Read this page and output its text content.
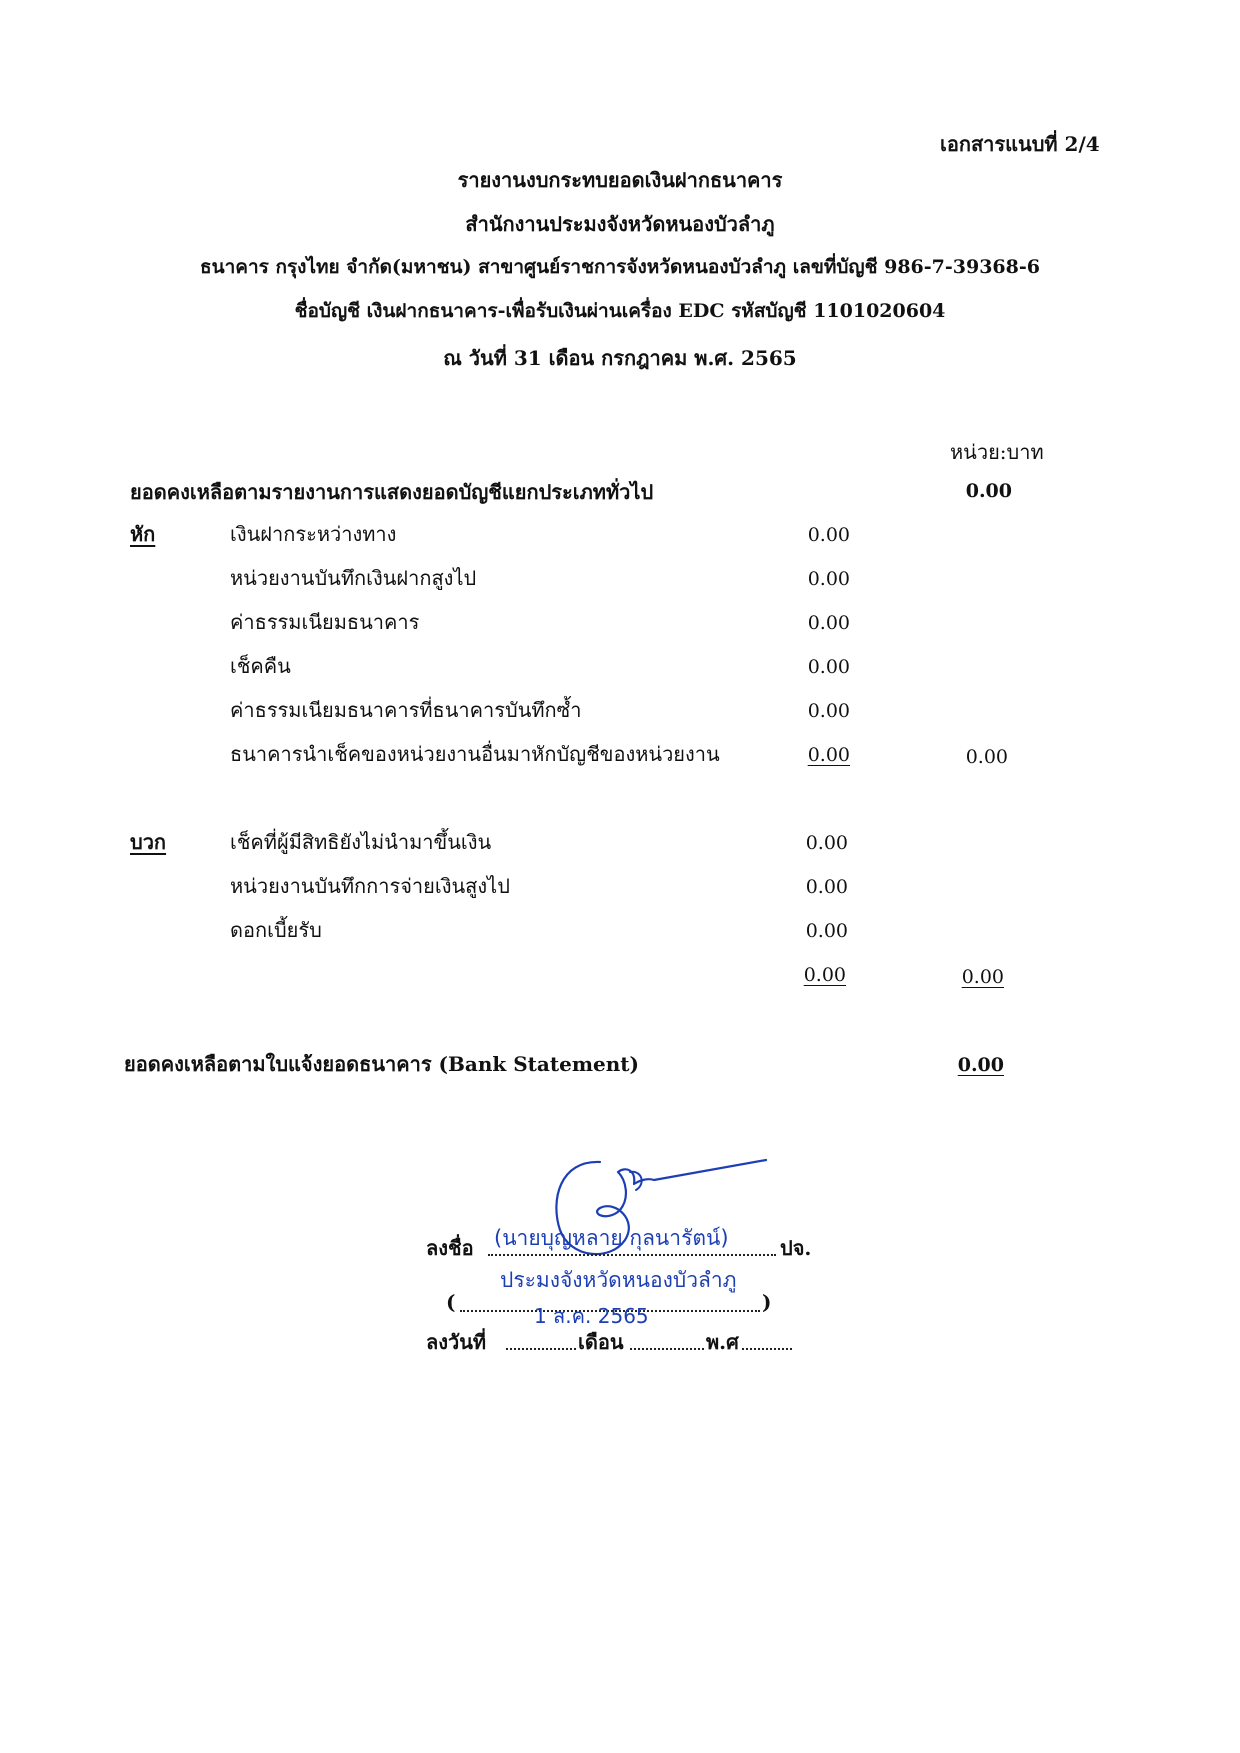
เอกสารแนบที่ 2/4
รายงานงบกระทบยอดเงินฝากธนาคาร
สำนักงานประมงจังหวัดหนองบัวลำภู
ธนาคาร กรุงไทย จำกัด(มหาชน) สาขาศูนย์ราชการจังหวัดหนองบัวลำภู เลขที่บัญชี 986-7-39368-6
ชื่อบัญชี เงินฝากธนาคาร-เพื่อรับเงินผ่านเครื่อง EDC รหัสบัญชี 1101020604
ณ วันที่ 31 เดือน กรกฎาคม พ.ศ. 2565
หน่วย:บาท
ยอดคงเหลือตามรายงานการแสดงยอดบัญชีแยกประเภททั่วไป	0.00
หัก	เงินฝากระหว่างทาง	0.00
หน่วยงานบันทึกเงินฝากสูงไป	0.00
ค่าธรรมเนียมธนาคาร	0.00
เช็คคืน	0.00
ค่าธรรมเนียมธนาคารที่ธนาคารบันทึกซ้ำ	0.00
ธนาคารนำเช็คของหน่วยงานอื่นมาหักบัญชีของหน่วยงาน	0.00	0.00
บวก	เช็คที่ผู้มีสิทธิยังไม่นำมาขึ้นเงิน	0.00
หน่วยงานบันทึกการจ่ายเงินสูงไป	0.00
ดอกเบี้ยรับ	0.00
0.00	0.00
ยอดคงเหลือตามใบแจ้งยอดธนาคาร (Bank Statement)	0.00
ลงชื่อ (นายบุญหลาย กุลนารัตน์)	ปจ.
ประมงจังหวัดหนองบัวลำภู
(	)
1 ส.ค. 2565
ลงวันที่	เดือน	พ.ศ
